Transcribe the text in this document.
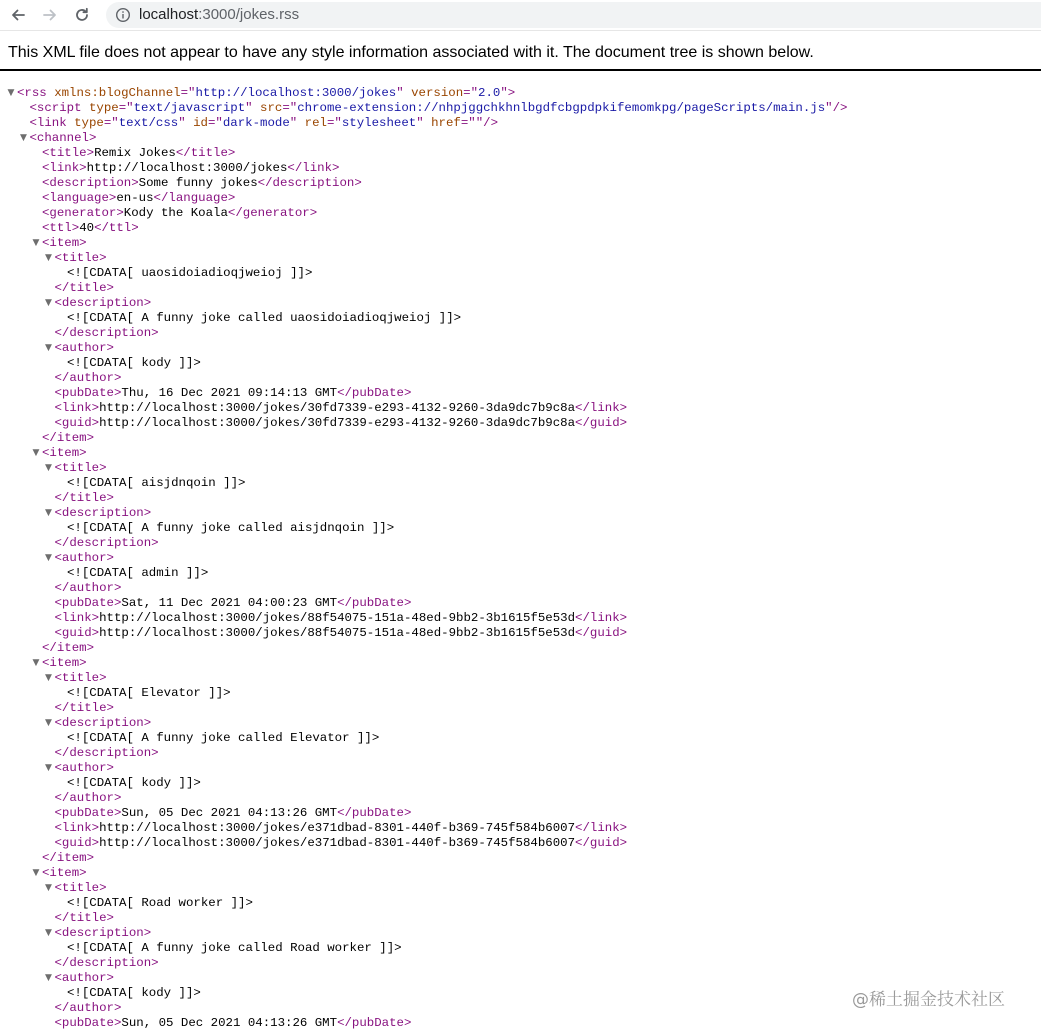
localhost:3000/jokes.rss
This XML file does not appear to have any style information associated with it. The document tree is shown below.
▼ <rss xmlns:blogChannel="http://localhost:3000/jokes" version="2.0">
<script type="text/javascript" src="chrome-extension://nhpjggchkhnlbgdfcbgpdpkifemomkpg/pageScripts/main.js"/>
<link type="text/css" id="dark-mode" rel="stylesheet" href=""/>
▼ <channel>
<title>Remix Jokes</title>
<link>http://localhost:3000/jokes</link>
<description>Some funny jokes</description>
<language>en-us</language>
<generator>Kody the Koala</generator>
<ttl>40</ttl>
▼ <item>
▼ <title>
<![CDATA[ uaosidoiadioqjweioj ]]>
</title>
▼ <description>
<![CDATA[ A funny joke called uaosidoiadioqjweioj ]]>
</description>
▼ <author>
<![CDATA[ kody ]]>
</author>
<pubDate>Thu, 16 Dec 2021 09:14:13 GMT</pubDate>
<link>http://localhost:3000/jokes/30fd7339-e293-4132-9260-3da9dc7b9c8a</link>
<guid>http://localhost:3000/jokes/30fd7339-e293-4132-9260-3da9dc7b9c8a</guid>
</item>
▼ <item>
▼ <title>
<![CDATA[ aisjdnqoin ]]>
</title>
▼ <description>
<![CDATA[ A funny joke called aisjdnqoin ]]>
</description>
▼ <author>
<![CDATA[ admin ]]>
</author>
<pubDate>Sat, 11 Dec 2021 04:00:23 GMT</pubDate>
<link>http://localhost:3000/jokes/88f54075-151a-48ed-9bb2-3b1615f5e53d</link>
<guid>http://localhost:3000/jokes/88f54075-151a-48ed-9bb2-3b1615f5e53d</guid>
</item>
▼ <item>
▼ <title>
<![CDATA[ Elevator ]]>
</title>
▼ <description>
<![CDATA[ A funny joke called Elevator ]]>
</description>
▼ <author>
<![CDATA[ kody ]]>
</author>
<pubDate>Sun, 05 Dec 2021 04:13:26 GMT</pubDate>
<link>http://localhost:3000/jokes/e371dbad-8301-440f-b369-745f584b6007</link>
<guid>http://localhost:3000/jokes/e371dbad-8301-440f-b369-745f584b6007</guid>
</item>
▼ <item>
▼ <title>
<![CDATA[ Road worker ]]>
</title>
▼ <description>
<![CDATA[ A funny joke called Road worker ]]>
</description>
▼ <author>
<![CDATA[ kody ]]>
</author>
<pubDate>Sun, 05 Dec 2021 04:13:26 GMT</pubDate>
@稀土掘金技术社区
